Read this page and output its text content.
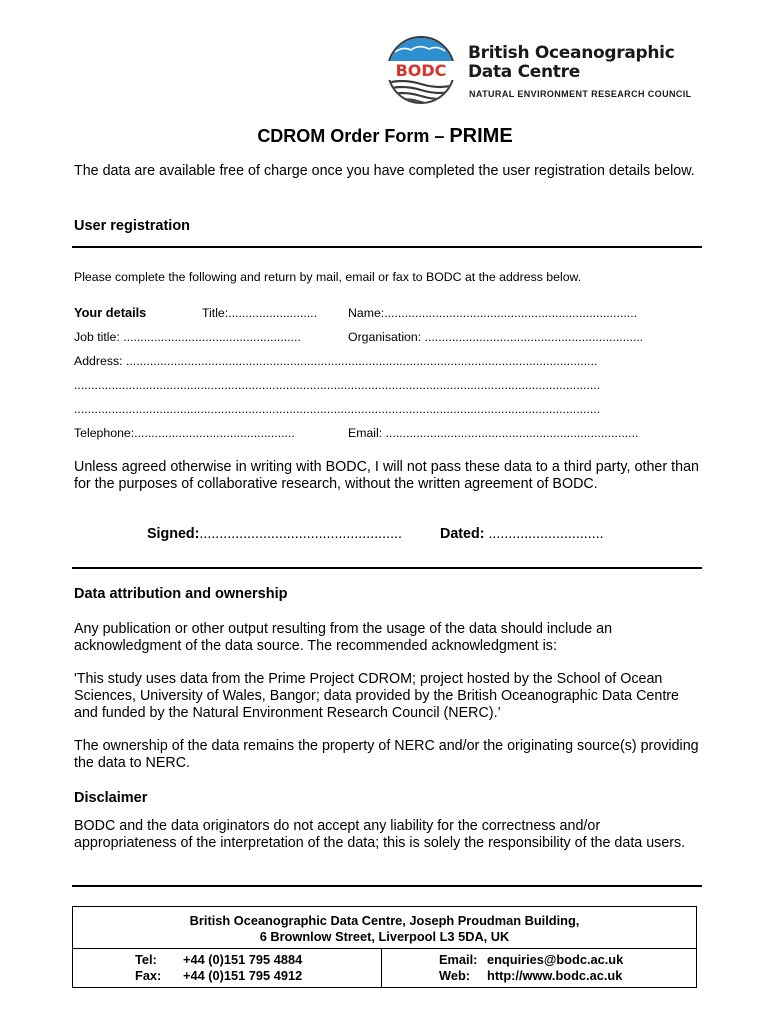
BODC
British Oceanographic
Data Centre
NATURAL ENVIRONMENT RESEARCH COUNCIL
CDROM Order Form – PRIME
The data are available free of charge once you have completed the user registration details below.
User registration
Please complete the following and return by mail, email or fax to BODC at the address below.
Your details	Title:..........................	Name:..........................................................................
Job title: ....................................................	Organisation: ................................................................
Address: ..........................................................................................................................................
..........................................................................................................................................................
..........................................................................................................................................................
Telephone:...............................................	Email: ..........................................................................
Unless agreed otherwise in writing with BODC, I will not pass these data to a third party, other than for the purposes of collaborative research, without the written agreement of BODC.
Signed:...................................................	Dated: .............................
Data attribution and ownership
Any publication or other output resulting from the usage of the data should include an acknowledgment of the data source. The recommended acknowledgment is:
'This study uses data from the Prime Project CDROM; project hosted by the School of Ocean Sciences, University of Wales, Bangor; data provided by the British Oceanographic Data Centre and funded by the Natural Environment Research Council (NERC).’
The ownership of the data remains the property of NERC and/or the originating source(s) providing the data to NERC.
Disclaimer
BODC and the data originators do not accept any liability for the correctness and/or appropriateness of the interpretation of the data; this is solely the responsibility of the data users.
British Oceanographic Data Centre, Joseph Proudman Building,
6 Brownlow Street, Liverpool L3 5DA, UK
Tel: +44 (0)151 795 4884
Fax: +44 (0)151 795 4912
Email: enquiries@bodc.ac.uk
Web: http://www.bodc.ac.uk
